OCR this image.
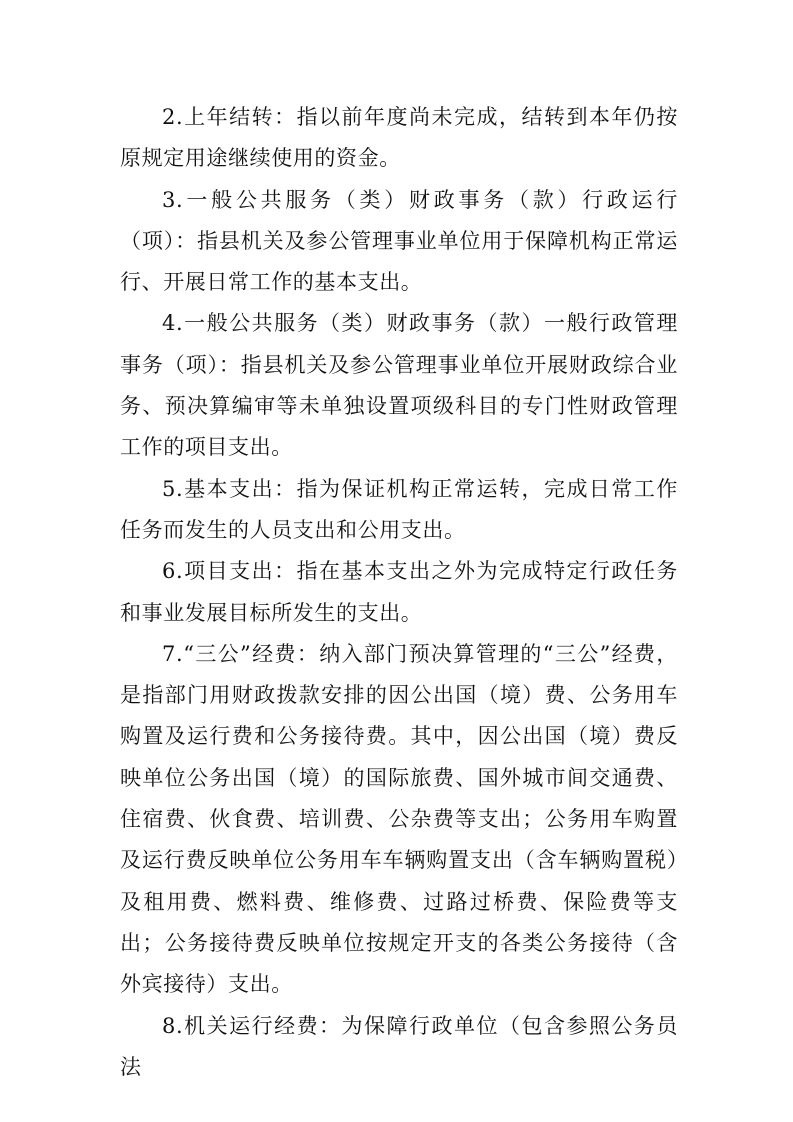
2.上年结转：指以前年度尚未完成，结转到本年仍按原规定用途继续使用的资金。

3.一般公共服务（类）财政事务（款）行政运行（项）：指县机关及参公管理事业单位用于保障机构正常运行、开展日常工作的基本支出。

4.一般公共服务（类）财政事务（款）一般行政管理事务（项）：指县机关及参公管理事业单位开展财政综合业务、预决算编审等未单独设置项级科目的专门性财政管理工作的项目支出。

5.基本支出：指为保证机构正常运转，完成日常工作任务而发生的人员支出和公用支出。

6.项目支出：指在基本支出之外为完成特定行政任务和事业发展目标所发生的支出。

7.“三公”经费：纳入部门预决算管理的“三公”经费，是指部门用财政拨款安排的因公出国（境）费、公务用车购置及运行费和公务接待费。其中，因公出国（境）费反映单位公务出国（境）的国际旅费、国外城市间交通费、住宿费、伙食费、培训费、公杂费等支出；公务用车购置及运行费反映单位公务用车车辆购置支出（含车辆购置税）及租用费、燃料费、维修费、过路过桥费、保险费等支出；公务接待费反映单位按规定开支的各类公务接待（含外宾接待）支出。

8.机关运行经费：为保障行政单位（包含参照公务员法
